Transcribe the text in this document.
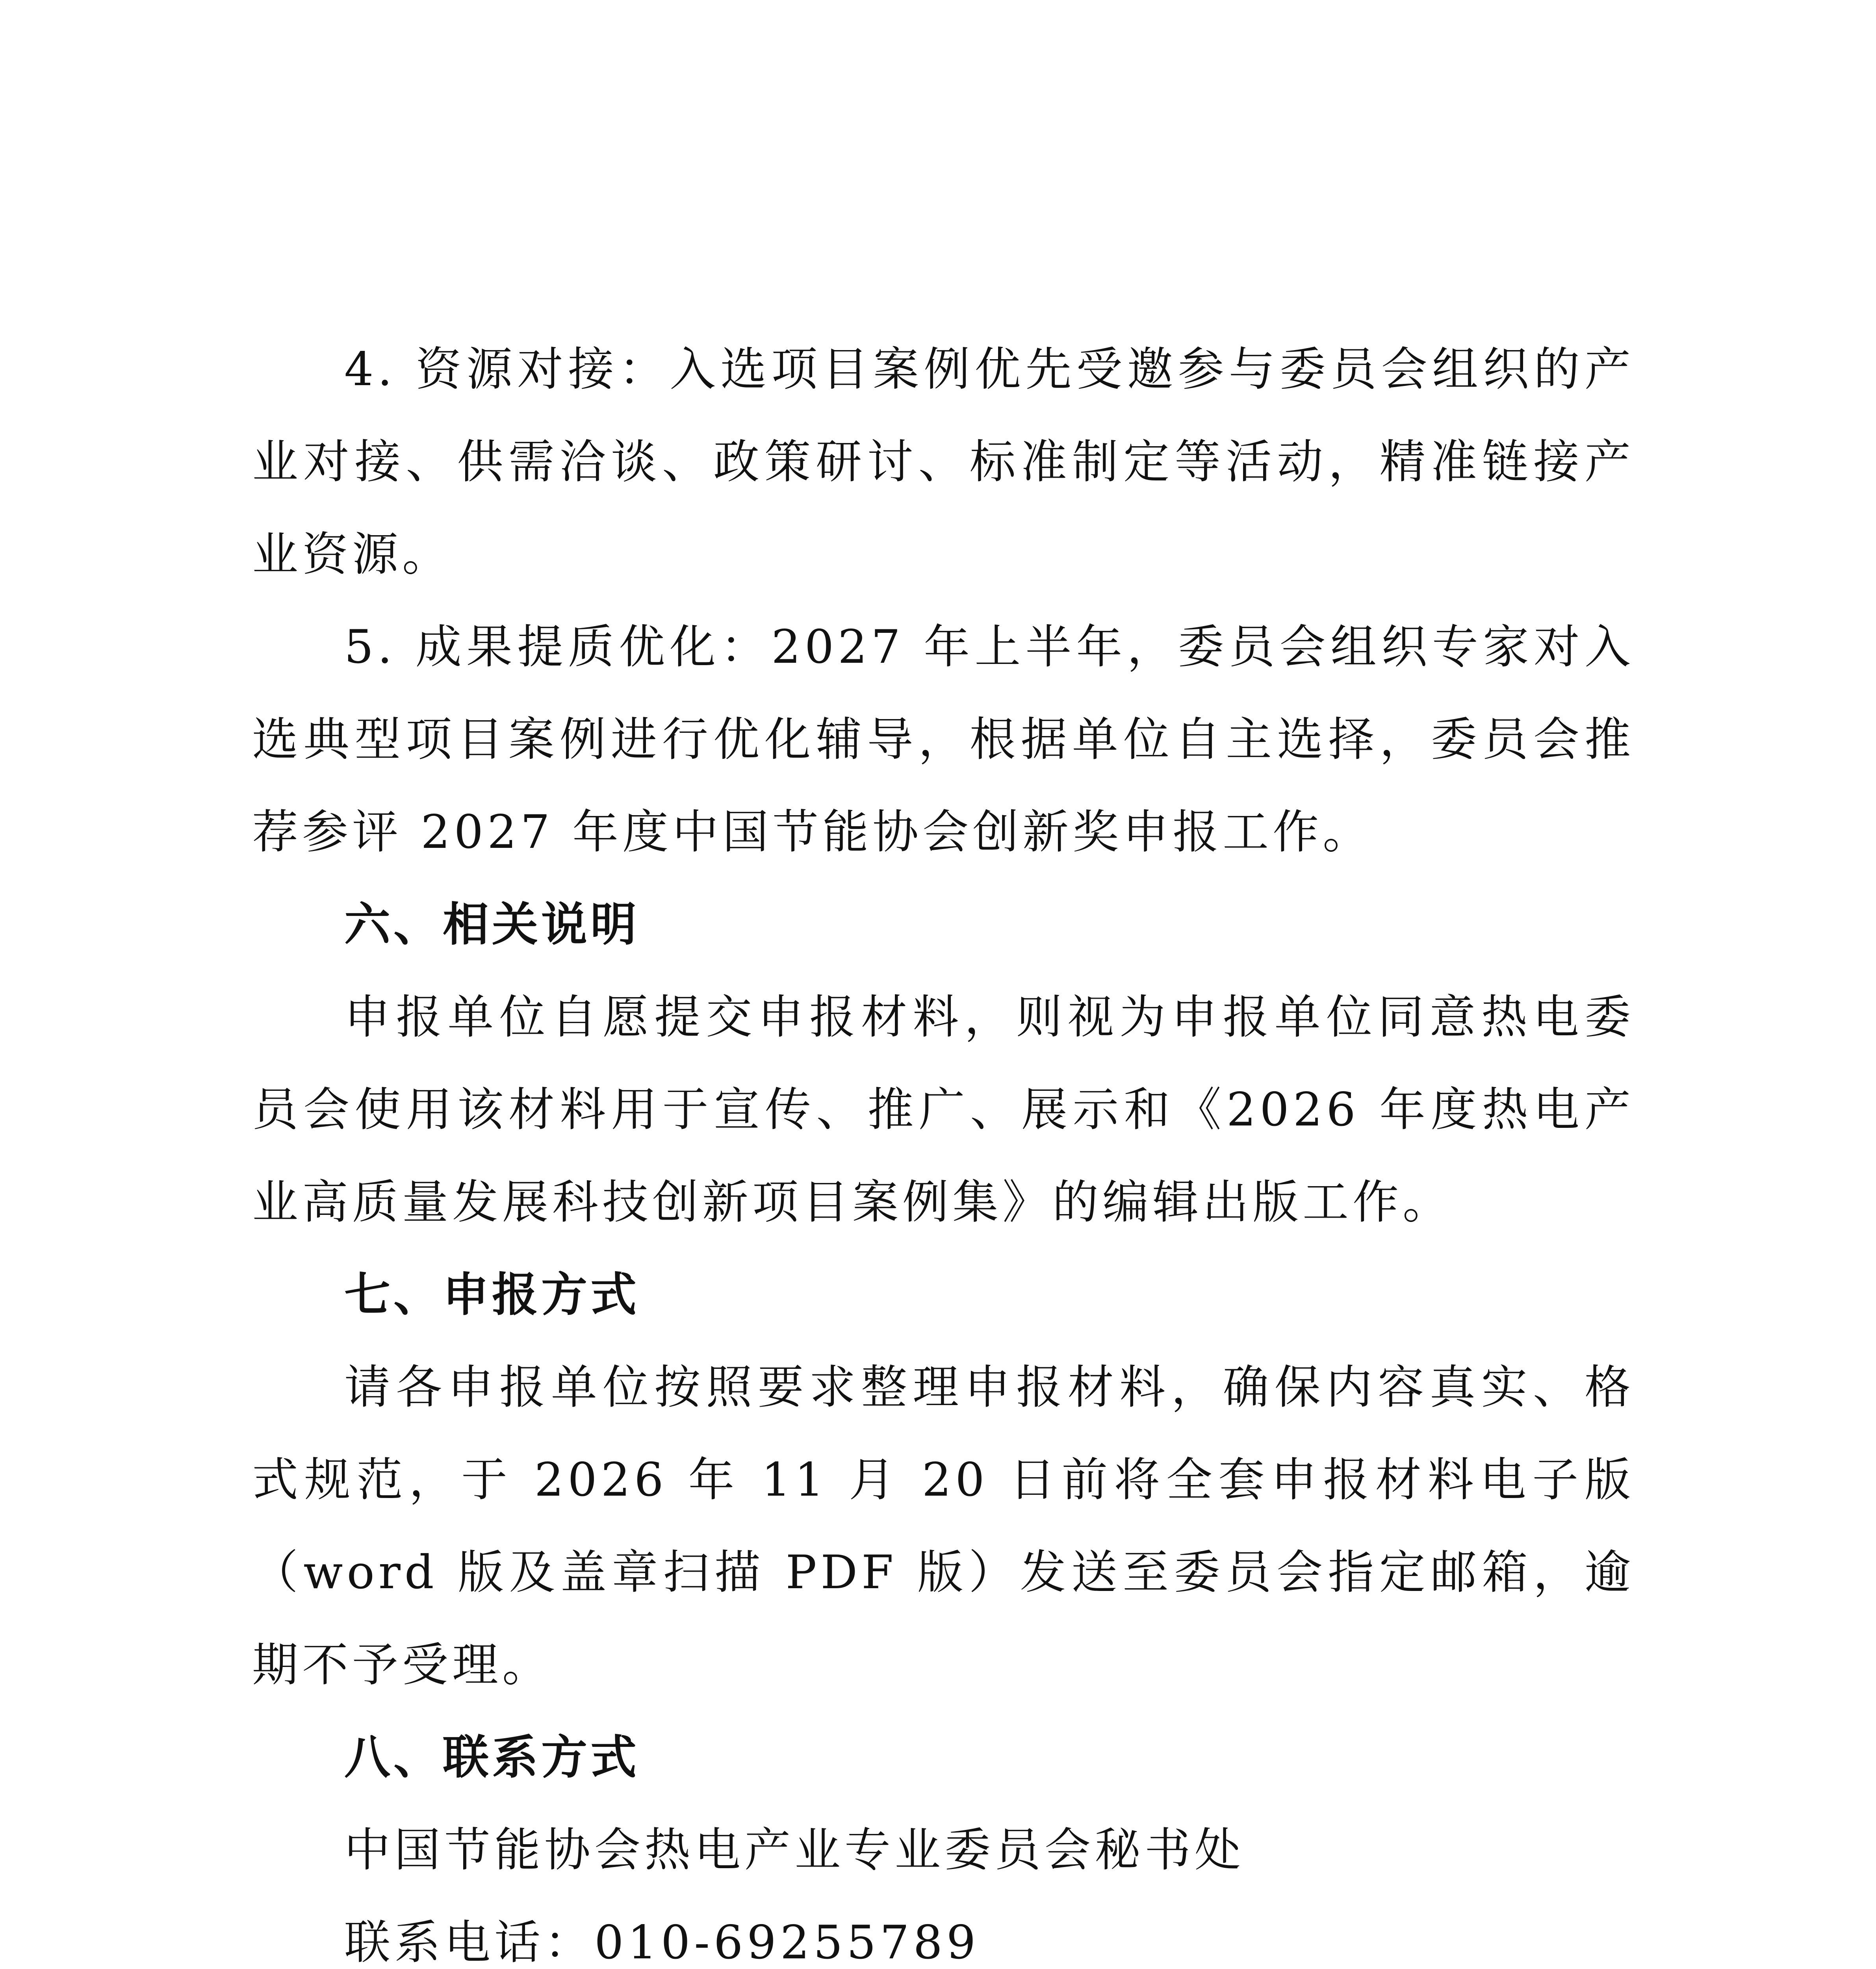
4. 资源对接：入选项目案例优先受邀参与委员会组织的产业对接、供需洽谈、政策研讨、标准制定等活动，精准链接产业资源。

5. 成果提质优化：2027 年上半年，委员会组织专家对入选典型项目案例进行优化辅导，根据单位自主选择，委员会推荐参评 2027 年度中国节能协会创新奖申报工作。

六、相关说明

申报单位自愿提交申报材料，则视为申报单位同意热电委员会使用该材料用于宣传、推广、展示和《2026 年度热电产业高质量发展科技创新项目案例集》的编辑出版工作。

七、申报方式

请各申报单位按照要求整理申报材料，确保内容真实、格式规范，于 2026 年 11 月 20 日前将全套申报材料电子版（word 版及盖章扫描 PDF 版）发送至委员会指定邮箱，逾期不予受理。

八、联系方式

中国节能协会热电产业专业委员会秘书处

联系电话：010-69255789
